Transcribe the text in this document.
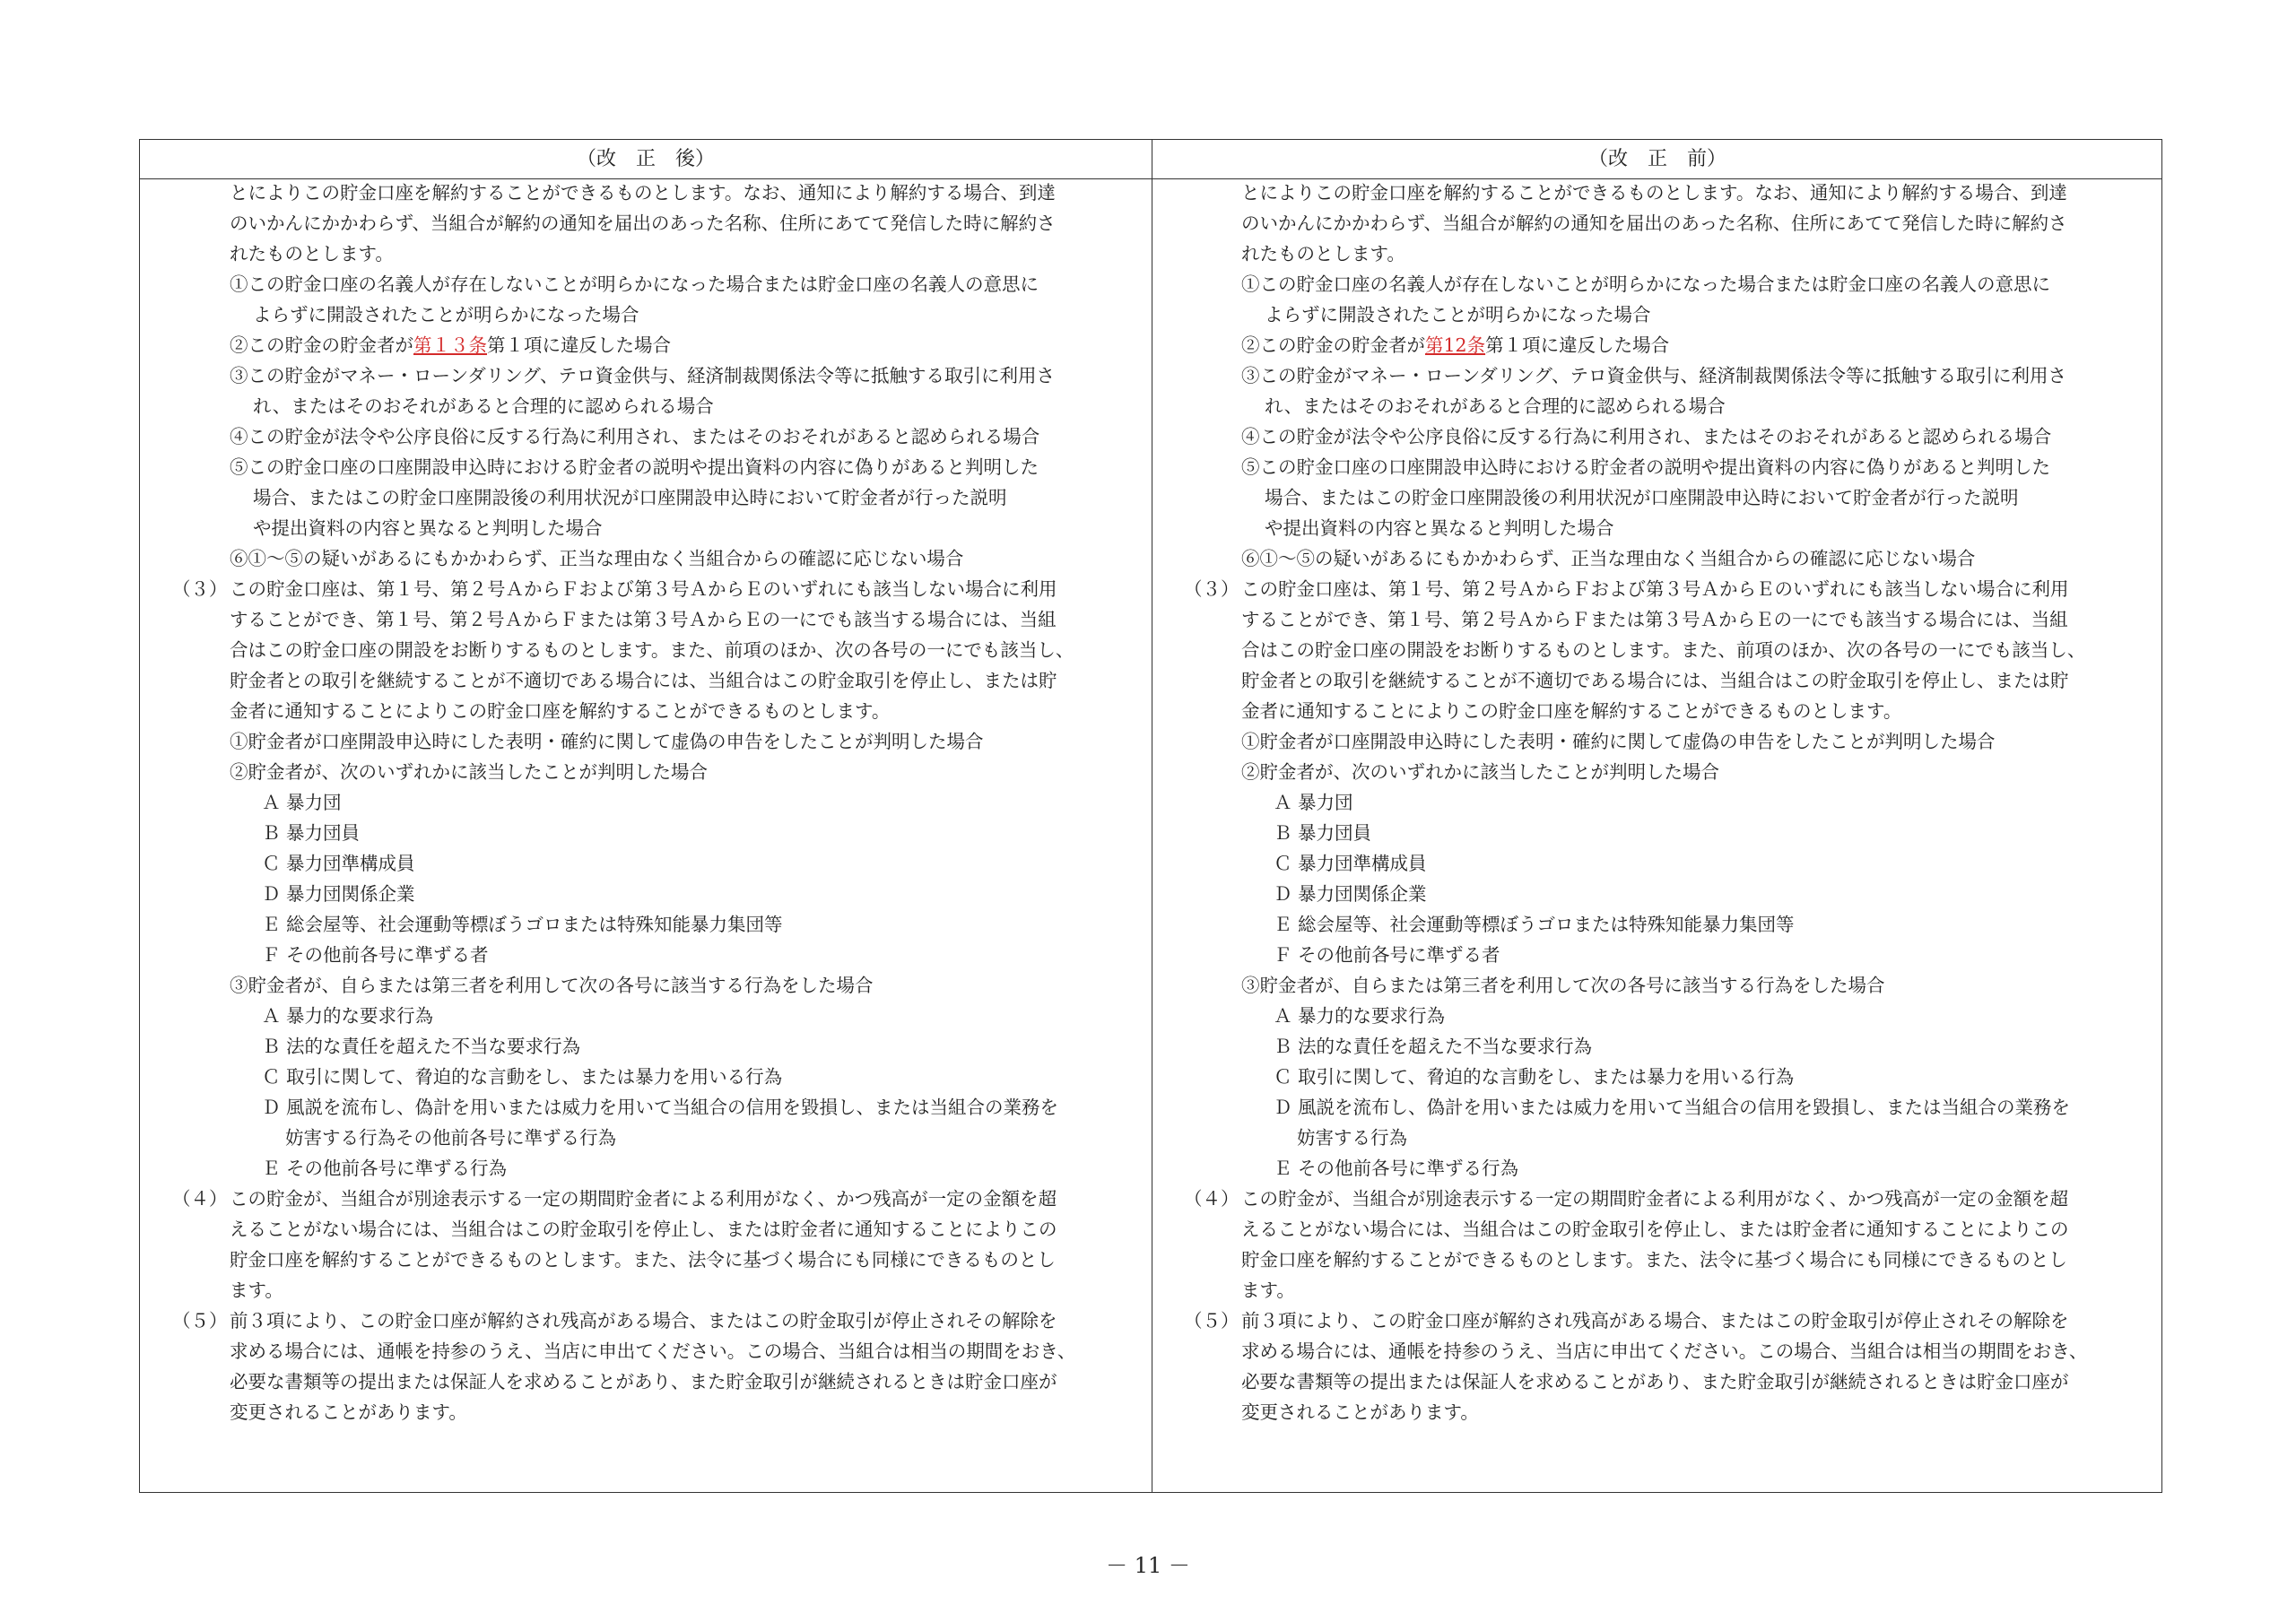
（改　正　後）	（改　正　前）
とによりこの貯金口座を解約することができるものとします。なお、通知により解約する場合、到達
のいかんにかかわらず、当組合が解約の通知を届出のあった名称、住所にあてて発信した時に解約さ
れたものとします。
①この貯金口座の名義人が存在しないことが明らかになった場合または貯金口座の名義人の意思に
よらずに開設されたことが明らかになった場合
②この貯金の貯金者が第１３条第１項に違反した場合
③この貯金がマネー・ローンダリング、テロ資金供与、経済制裁関係法令等に抵触する取引に利用さ
れ、またはそのおそれがあると合理的に認められる場合
④この貯金が法令や公序良俗に反する行為に利用され、またはそのおそれがあると認められる場合
⑤この貯金口座の口座開設申込時における貯金者の説明や提出資料の内容に偽りがあると判明した
場合、またはこの貯金口座開設後の利用状況が口座開設申込時において貯金者が行った説明
や提出資料の内容と異なると判明した場合
⑥①～⑤の疑いがあるにもかかわらず、正当な理由なく当組合からの確認に応じない場合
（３） この貯金口座は、第１号、第２号ＡからＦおよび第３号ＡからＥのいずれにも該当しない場合に利用
することができ、第１号、第２号ＡからＦまたは第３号ＡからＥの一にでも該当する場合には、当組
合はこの貯金口座の開設をお断りするものとします。また、前項のほか、次の各号の一にでも該当し、
貯金者との取引を継続することが不適切である場合には、当組合はこの貯金取引を停止し、または貯
金者に通知することによりこの貯金口座を解約することができるものとします。
①貯金者が口座開設申込時にした表明・確約に関して虚偽の申告をしたことが判明した場合
②貯金者が、次のいずれかに該当したことが判明した場合
Ａ 暴力団
Ｂ 暴力団員
Ｃ 暴力団準構成員
Ｄ 暴力団関係企業
Ｅ 総会屋等、社会運動等標ぼうゴロまたは特殊知能暴力集団等
Ｆ その他前各号に準ずる者
③貯金者が、自らまたは第三者を利用して次の各号に該当する行為をした場合
Ａ 暴力的な要求行為
Ｂ 法的な責任を超えた不当な要求行為
Ｃ 取引に関して、脅迫的な言動をし、または暴力を用いる行為
Ｄ 風説を流布し、偽計を用いまたは威力を用いて当組合の信用を毀損し、または当組合の業務を
妨害する行為その他前各号に準ずる行為
Ｅ その他前各号に準ずる行為
（４） この貯金が、当組合が別途表示する一定の期間貯金者による利用がなく、かつ残高が一定の金額を超
えることがない場合には、当組合はこの貯金取引を停止し、または貯金者に通知することによりこの
貯金口座を解約することができるものとします。また、法令に基づく場合にも同様にできるものとし
ます。
（５） 前３項により、この貯金口座が解約され残高がある場合、またはこの貯金取引が停止されその解除を
求める場合には、通帳を持参のうえ、当店に申出てください。この場合、当組合は相当の期間をおき、
必要な書類等の提出または保証人を求めることがあり、また貯金取引が継続されるときは貯金口座が
変更されることがあります。
とによりこの貯金口座を解約することができるものとします。なお、通知により解約する場合、到達
のいかんにかかわらず、当組合が解約の通知を届出のあった名称、住所にあてて発信した時に解約さ
れたものとします。
①この貯金口座の名義人が存在しないことが明らかになった場合または貯金口座の名義人の意思に
よらずに開設されたことが明らかになった場合
②この貯金の貯金者が第12条第１項に違反した場合
③この貯金がマネー・ローンダリング、テロ資金供与、経済制裁関係法令等に抵触する取引に利用さ
れ、またはそのおそれがあると合理的に認められる場合
④この貯金が法令や公序良俗に反する行為に利用され、またはそのおそれがあると認められる場合
⑤この貯金口座の口座開設申込時における貯金者の説明や提出資料の内容に偽りがあると判明した
場合、またはこの貯金口座開設後の利用状況が口座開設申込時において貯金者が行った説明
や提出資料の内容と異なると判明した場合
⑥①～⑤の疑いがあるにもかかわらず、正当な理由なく当組合からの確認に応じない場合
（３） この貯金口座は、第１号、第２号ＡからＦおよび第３号ＡからＥのいずれにも該当しない場合に利用
することができ、第１号、第２号ＡからＦまたは第３号ＡからＥの一にでも該当する場合には、当組
合はこの貯金口座の開設をお断りするものとします。また、前項のほか、次の各号の一にでも該当し、
貯金者との取引を継続することが不適切である場合には、当組合はこの貯金取引を停止し、または貯
金者に通知することによりこの貯金口座を解約することができるものとします。
①貯金者が口座開設申込時にした表明・確約に関して虚偽の申告をしたことが判明した場合
②貯金者が、次のいずれかに該当したことが判明した場合
Ａ 暴力団
Ｂ 暴力団員
Ｃ 暴力団準構成員
Ｄ 暴力団関係企業
Ｅ 総会屋等、社会運動等標ぼうゴロまたは特殊知能暴力集団等
Ｆ その他前各号に準ずる者
③貯金者が、自らまたは第三者を利用して次の各号に該当する行為をした場合
Ａ 暴力的な要求行為
Ｂ 法的な責任を超えた不当な要求行為
Ｃ 取引に関して、脅迫的な言動をし、または暴力を用いる行為
Ｄ 風説を流布し、偽計を用いまたは威力を用いて当組合の信用を毀損し、または当組合の業務を
妨害する行為
Ｅ その他前各号に準ずる行為
（４） この貯金が、当組合が別途表示する一定の期間貯金者による利用がなく、かつ残高が一定の金額を超
えることがない場合には、当組合はこの貯金取引を停止し、または貯金者に通知することによりこの
貯金口座を解約することができるものとします。また、法令に基づく場合にも同様にできるものとし
ます。
（５） 前３項により、この貯金口座が解約され残高がある場合、またはこの貯金取引が停止されその解除を
求める場合には、通帳を持参のうえ、当店に申出てください。この場合、当組合は相当の期間をおき、
必要な書類等の提出または保証人を求めることがあり、また貯金取引が継続されるときは貯金口座が
変更されることがあります。
－ 11 －
